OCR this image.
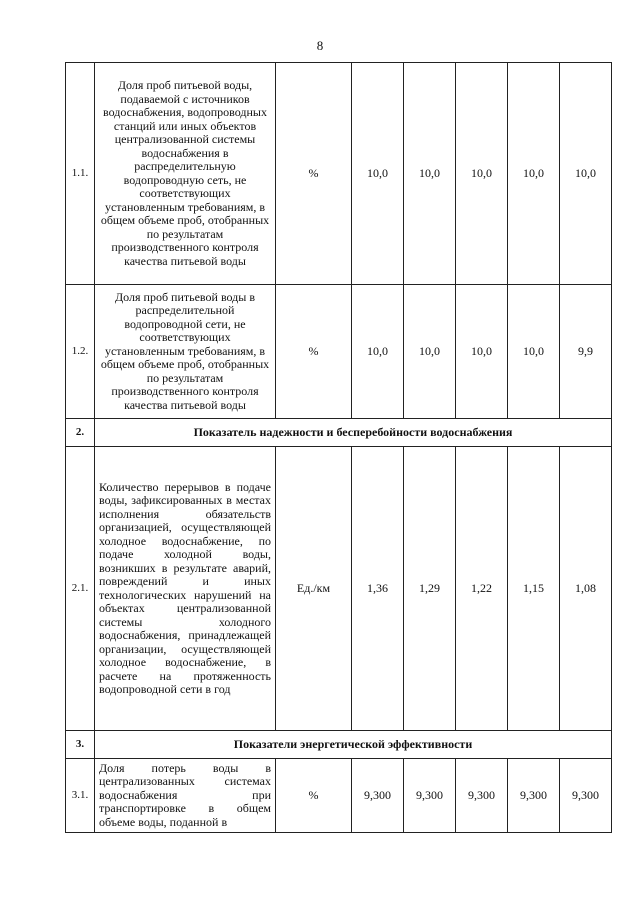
8
1.1.	Доля проб питьевой воды, подаваемой с источников водоснабжения, водопроводных станций или иных объектов централизованной системы водоснабжения в распределительную водопроводную сеть, не соответствующих установленным требованиям, в общем объеме проб, отобранных по результатам производственного контроля качества питьевой воды	%	10,0	10,0	10,0	10,0	10,0
1.2.	Доля проб питьевой воды в распределительной водопроводной сети, не соответствующих установленным требованиям, в общем объеме проб, отобранных по результатам производственного контроля качества питьевой воды	%	10,0	10,0	10,0	10,0	9,9
2.	Показатель надежности и бесперебойности водоснабжения						
2.1.	Количество перерывов в подаче воды, зафиксированных в местах исполнения обязательств организацией, осуществляющей холодное водоснабжение, по подаче холодной воды, возникших в результате аварий, повреждений и иных технологических нарушений на объектах централизованной системы холодного водоснабжения, принадлежащей организации, осуществляющей холодное водоснабжение, в расчете на протяженность водопроводной сети в год	Ед./км	1,36	1,29	1,22	1,15	1,08
3.	Показатели энергетической эффективности						
3.1.	Доля потерь воды в централизованных системах водоснабжения при транспортировке в общем объеме воды, поданной в	%	9,300	9,300	9,300	9,300	9,300
